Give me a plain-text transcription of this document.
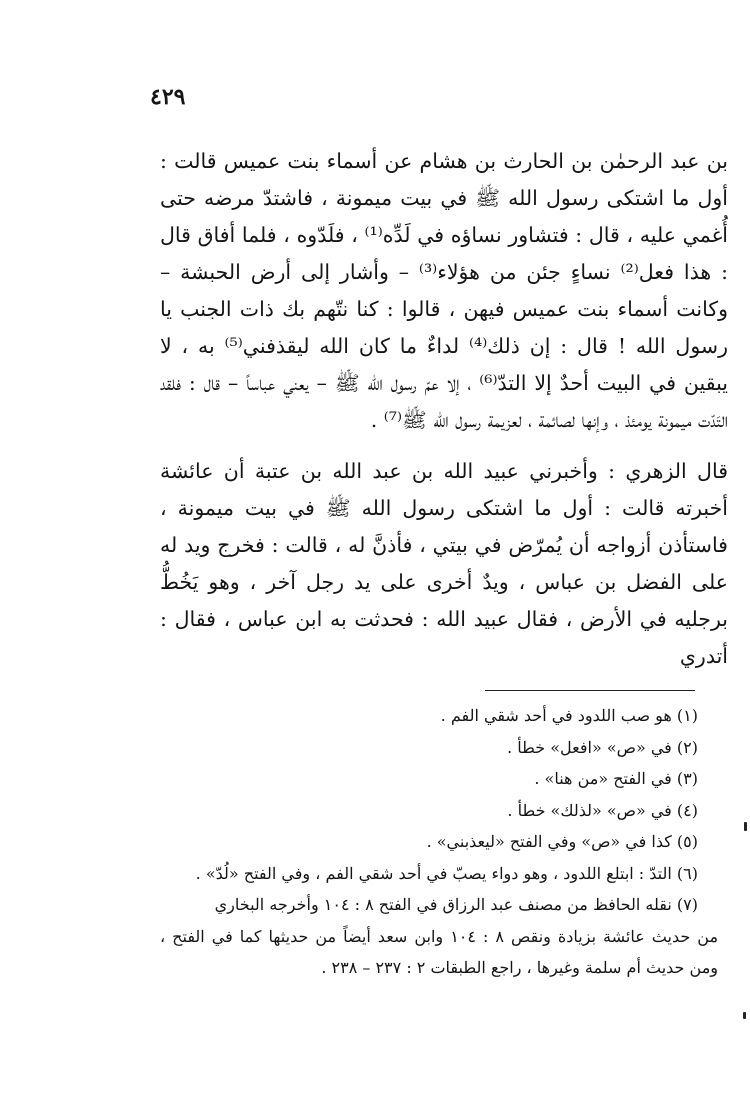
٤٢٩

بن عبد الرحمٰن بن الحارث بن هشام عن أسماء بنت عميس قالت : أول ما اشتكى رسول الله ﷺ في بيت ميمونة ، فاشتدّ مرضه حتى أُغمي عليه ، قال : فتشاور نساؤه في لَدِّه⁽¹⁾ ، فلَدّوه ، فلما أفاق قال : هذا فعل⁽²⁾ نساءٍ جئن من هؤلاء⁽³⁾ – وأشار إلى أرض الحبشة – وكانت أسماء بنت عميس فيهن ، قالوا : كنا نتّهم بك ذات الجنب يا رسول الله ! قال : إن ذلك⁽⁴⁾ لداءٌ ما كان الله ليقذفني⁽⁵⁾ به ، لا يبقين في البيت أحدٌ إلا التدّ⁽⁶⁾ ، إلا عمّ رسول الله ﷺ – يعني عباساً – قال : فلقد التَدّت ميمونة يومئذ ، وإنها لصائمة ، لعزيمة رسول الله ﷺ⁽⁷⁾ .

قال الزهري : وأخبرني عبيد الله بن عبد الله بن عتبة أن عائشة أخبرته قالت : أول ما اشتكى رسول الله ﷺ في بيت ميمونة ، فاستأذن أزواجه أن يُمرّض في بيتي ، فأذنَّ له ، قالت : فخرج ويد له على الفضل بن عباس ، ويدٌ أخرى على يد رجل آخر ، وهو يَخُطُّ برجليه في الأرض ، فقال عبيد الله : فحدثت به ابن عباس ، فقال : أتدري

(١) هو صب اللدود في أحد شقي الفم .

(٢) في «ص» «افعل» خطأ .

(٣) في الفتح «من هنا» .

(٤) في «ص» «لذلك» خطأ .

(٥) كذا في «ص» وفي الفتح «ليعذبني» .

(٦) التدّ : ابتلع اللدود ، وهو دواء يصبّ في أحد شقي الفم ، وفي الفتح «لُدّ» .

(٧) نقله الحافظ من مصنف عبد الرزاق في الفتح ٨ : ١٠٤ وأخرجه البخاري

من حديث عائشة بزيادة ونقص ٨ : ١٠٤ وابن سعد أيضاً من حديثها كما في الفتح ، ومن حديث أم سلمة وغيرها ، راجع الطبقات ٢ : ٢٣٧ – ٢٣٨ .
